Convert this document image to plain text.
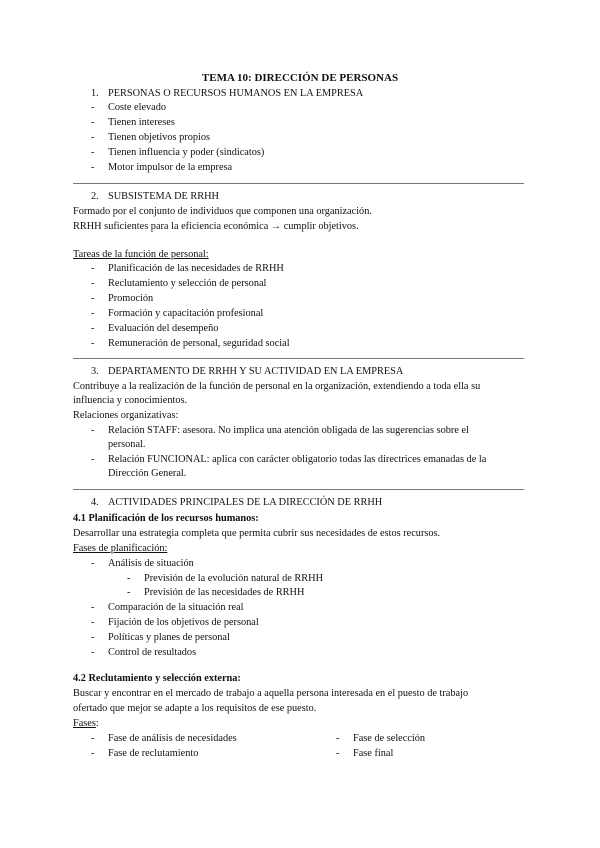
TEMA 10: DIRECCIÓN DE PERSONAS
1. PERSONAS O RECURSOS HUMANOS EN LA EMPRESA
- Coste elevado
- Tienen intereses
- Tienen objetivos propios
- Tienen influencia y poder (sindicatos)
- Motor impulsor de la empresa
2. SUBSISTEMA DE RRHH
Formado por el conjunto de individuos que componen una organización.
RRHH suficientes para la eficiencia económica → cumplir objetivos.
Tareas de la función de personal:
- Planificación de las necesidades de RRHH
- Reclutamiento y selección de personal
- Promoción
- Formación y capacitación profesional
- Evaluación del desempeño
- Remuneración de personal, seguridad social
3. DEPARTAMENTO DE RRHH Y SU ACTIVIDAD EN LA EMPRESA
Contribuye a la realización de la función de personal en la organización, extendiendo a toda ella su
influencia y conocimientos.
Relaciones organizativas:
- Relación STAFF: asesora. No implica una atención obligada de las sugerencias sobre el
personal.
- Relación FUNCIONAL: aplica con carácter obligatorio todas las directrices emanadas de la
Dirección General.
4. ACTIVIDADES PRINCIPALES DE LA DIRECCIÓN DE RRHH
4.1 Planificación de los recursos humanos:
Desarrollar una estrategia completa que permita cubrir sus necesidades de estos recursos.
Fases de planificación:
- Análisis de situación
- Previsión de la evolución natural de RRHH
- Previsión de las necesidades de RRHH
- Comparación de la situación real
- Fijación de los objetivos de personal
- Políticas y planes de personal
- Control de resultados
4.2 Reclutamiento y selección externa:
Buscar y encontrar en el mercado de trabajo a aquella persona interesada en el puesto de trabajo
ofertado que mejor se adapte a los requisitos de ese puesto.
Fases:
- Fase de análisis de necesidades
- Fase de reclutamiento
- Fase de selección
- Fase final
